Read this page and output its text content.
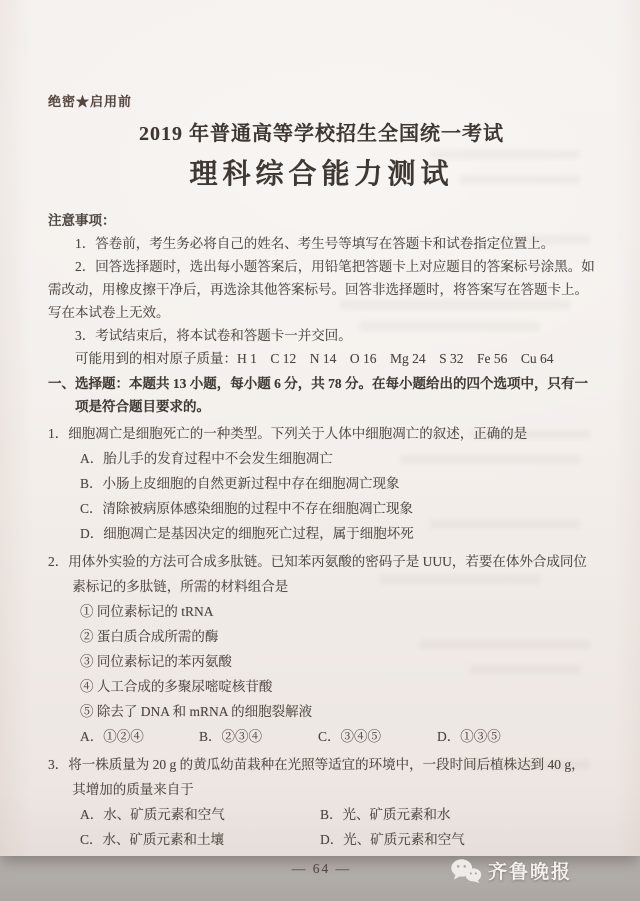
绝密★启用前
2019 年普通高等学校招生全国统一考试
理科综合能力测试

注意事项：

1．答卷前，考生务必将自己的姓名、考生号等填写在答题卡和试卷指定位置上。

2．回答选择题时，选出每小题答案后，用铅笔把答题卡上对应题目的答案标号涂黑。如需改动，用橡皮擦干净后，再选涂其他答案标号。回答非选择题时，将答案写在答题卡上。写在本试卷上无效。

3．考试结束后，将本试卷和答题卡一并交回。

可能用到的相对原子质量：H 1　C 12　N 14　O 16　Mg 24　S 32　Fe 56　Cu 64

一、选择题：本题共 13 小题，每小题 6 分，共 78 分。在每小题给出的四个选项中，只有一项是符合题目要求的。

1．细胞凋亡是细胞死亡的一种类型。下列关于人体中细胞凋亡的叙述，正确的是

A．胎儿手的发育过程中不会发生细胞凋亡

B．小肠上皮细胞的自然更新过程中存在细胞凋亡现象

C．清除被病原体感染细胞的过程中不存在细胞凋亡现象

D．细胞凋亡是基因决定的细胞死亡过程，属于细胞坏死

2．用体外实验的方法可合成多肽链。已知苯丙氨酸的密码子是 UUU，若要在体外合成同位素标记的多肽链，所需的材料组合是

① 同位素标记的 tRNA

② 蛋白质合成所需的酶

③ 同位素标记的苯丙氨酸

④ 人工合成的多聚尿嘧啶核苷酸

⑤ 除去了 DNA 和 mRNA 的细胞裂解液

A．①②④	B．②③④	C．③④⑤	D．①③⑤

3．将一株质量为 20 g 的黄瓜幼苗栽种在光照等适宜的环境中，一段时间后植株达到 40 g，其增加的质量来自于

A．水、矿质元素和空气	B．光、矿质元素和水
C．水、矿质元素和土壤	D．光、矿质元素和空气
— 64 —	齐鲁晚报
